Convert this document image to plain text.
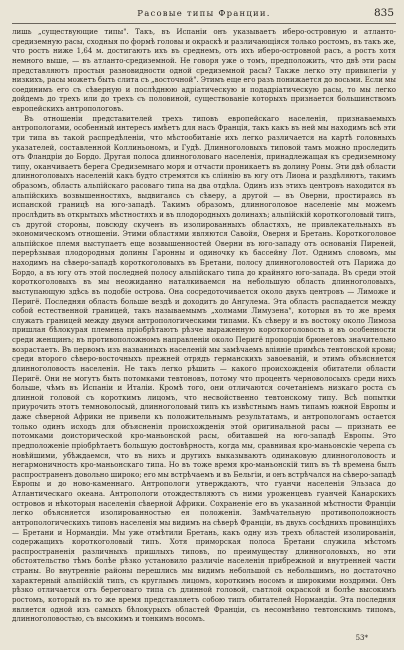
Расовые типы Франции.	835

лишь „существующие типы". Такъ, въ Испаніи онъ указываетъ иберо-островную и атланто-средиземную расы, сходныя по формѣ головы и окраскѣ и различающіяся только ростомъ, въ такъ же, что ростъ ниже 1,64 м. достигаютъ ихъ въ среднемъ, отъ ихъ иберо-островной расъ, а ростъ хотя немного выше, — въ атланто-средиземной. Не говоря уже о томъ, предположить, что двѣ эти расы представляютъ простыя разновидности одной средиземной расы? Также легко эту привилегіи у низкихъ, расы можетъ быть слита съ „восточной". Этимъ еще его разъ понижается до восьми. Если мы соединимъ его съ сѣверную и послѣднюю адріатическую и подадріатическую расы, то мы легко дойдемъ до трехъ или до трехъ съ половиной, существованіе которыхъ признается большинствомъ европейскихъ антропологовъ.

Въ отношеніи представителей трехъ типовъ европейскаго населенія, признаваемыхъ антропологами, особенный интересъ имѣетъ для насъ Франція, такъ какъ въ ней мы находимъ всѣ эти три типа въ такой распредѣленіи, что мѣстообитаніе ихъ легко различается на картѣ головныхъ указателей, составленной Коллиньономъ, и Гудѣ. Длинноголовыхъ типовой тамъ можно проследить отъ Фландріи до Бордо. Другая полоса длинноголоваго населенія, принадлежащая къ средиземному типу, оканчиваетъ берега Средиземнаго моря и отчасти проникаетъ въ долину Роны. Эти двѣ области длинноголовыхъ населеній какъ будто стремятся къ сліянію въ югу отъ Лиона и раздѣляютъ, такимъ образомъ, область альпійскаго расоваго типа на два отдѣла. Одинъ изъ этихъ центровъ находится въ альпійскихъ возвышенностяхъ, выдвигаясь съ сѣверу, а другой — въ Оверни, простираясь въ испанской границѣ на юго-западѣ. Такимъ образомъ, длинноголовое населеніе мы можемъ прослѣдить въ открытыхъ мѣстностяхъ и въ плодородныхъ долинахъ; альпійскій короткоголовый типъ, съ другой стороны, повсюду скученъ въ изолированныхъ областяхъ, не привлекательныхъ въ экономическомъ отношеніи. Этими областями являются Савойя, Оверня и Бретань. Короткоголовое альпійское племя выступаетъ еще возвышенностей Оверни въ юго-западу отъ основанія Пиреней, перерѣзывая плодородныя долины Гаронны и одиночку къ бассейну Лот. Однимъ словомъ, мы находимъ на сѣверо-западѣ короткоголовыхъ въ Бретани, полосу длинноголовостей отъ Парижа до Бордо, а въ югу отъ этой последней полосу альпійскаго типа до крайняго юго-запада. Въ среди этой короткоголовыхъ въ мы неожиданно наталкиваемся на небольшую область длинноголовыхъ, выступающую здѣсь въ подобіе острова. Она сосредоточивается около двухъ центровъ — Лиможе и Перигё. Последняя область больше вездѣ и доходитъ до Ангулема. Эта область распадается между собой естественной границей, такъ называемымъ „холмами Лимузена", которыя въ то же время служатъ границей между двумя антропологическими типами. Къ сѣверу и въ востоку около Лимоза пришлая бѣлокурая племена пріобрѣтаютъ рѣзче выраженную короткоголовость и въ особенности среди женщинъ; въ противоположномъ направленіи около Перигё пропорціи брюнетовъ значительно возрастаетъ. Въ первомъ изъ названныхъ населеній мы замѣчаемъ вліяніе примѣсь тевтонской крови; среди второго сѣверо-восточныхъ прежней отрядъ германскихъ завоеваній, и этимъ объясняется длинноголовость населенія. Не такъ легко рѣшить — какого происхожденія обитатели области Перигё. Они не могутъ быть потомками тевтоновъ, потому что процентъ черноволосыхъ среди нихъ больше, чѣмъ въ Испаніи и Италіи. Кромѣ того, они отличаются сочетаніемъ низкаго роста съ длинной головой съ короткимъ лицомъ, что несвойственно тевтонскому типу. Всѣ попытки приурочить этотъ темноволосый, длинноголовый типъ къ извѣстнымъ намъ типамъ южной Европы и даже сѣверной Африки не привели къ положительнымъ результатамъ, и антропологамъ остается только одинъ исходъ для объясненія происхожденія этой оригинальной расы — признать ее потомками доисторической кро-маньонской расы, обитавшей на юго-западѣ Европы. Это предположеніе пріобрѣтаетъ большую достовѣрность, когда мы, сравнивая кро-маньонскіе черепа съ новѣйшими, убѣждаемся, что въ нихъ и другихъ выказываютъ одинаковую длинноголовость и негармоничность кро-маньонскаго типа. Но въ тоже время кро-маньонскій типъ въ тѣ времена былъ распространенъ довольно широко; его мы встрѣчаемъ и въ Бельгіи, и онъ встрѣчался на сѣверо-западѣ Европы и до ново-каменнаго. Антропологи утверждаютъ, что гуанчи населенія Эльзаса до Атлантическаго океана. Антропологи отождествляютъ съ ними уроженцевъ гуанчей Канарскихъ островов и нѣкоторыя населенія сѣверной Африки. Сохраненіе его въ указанной мѣстности Франціи легко объясняется изолированностью ея положенія. Замѣчательную противоположность антропологическихъ типовъ населенія мы видимъ на сѣверѣ Франціи, въ двухъ сосѣднихъ провинціяхъ — Бретани и Нормандіи. Мы уже отмѣтили Бретань, какъ одну изъ трехъ областей изолированія, содержащихъ короткоголовый типъ. Хотя приморская полоса Бретани служила мѣстомъ распространенія различныхъ пришлыхъ типовъ, по преимуществу длинноголовыхъ, но эти обстоятельство тѣмъ болѣе рѣзко установило различіе населенія прибрежной и внутренней части страны. Во внутренніе районы перешлись мы видимъ небольшой съ небольшимъ, но достаточно характерный альпійскій типъ, съ круглымъ лицомъ, короткимъ носомъ и широкими ноздрями. Онъ рѣзко отличается отъ береговаго типа съ длинной головой, съвтлой окраской и болѣе высокимъ ростомъ, который въ то же время представляетъ собою типъ обитателей Нормандіи. Эта последняя является одной изъ самыхъ бѣлокурыхъ областей Франціи, съ несомнѣнно тевтонскимъ типомъ, длинноголовостью, съ высокимъ и тонкимъ носомъ.

53*
